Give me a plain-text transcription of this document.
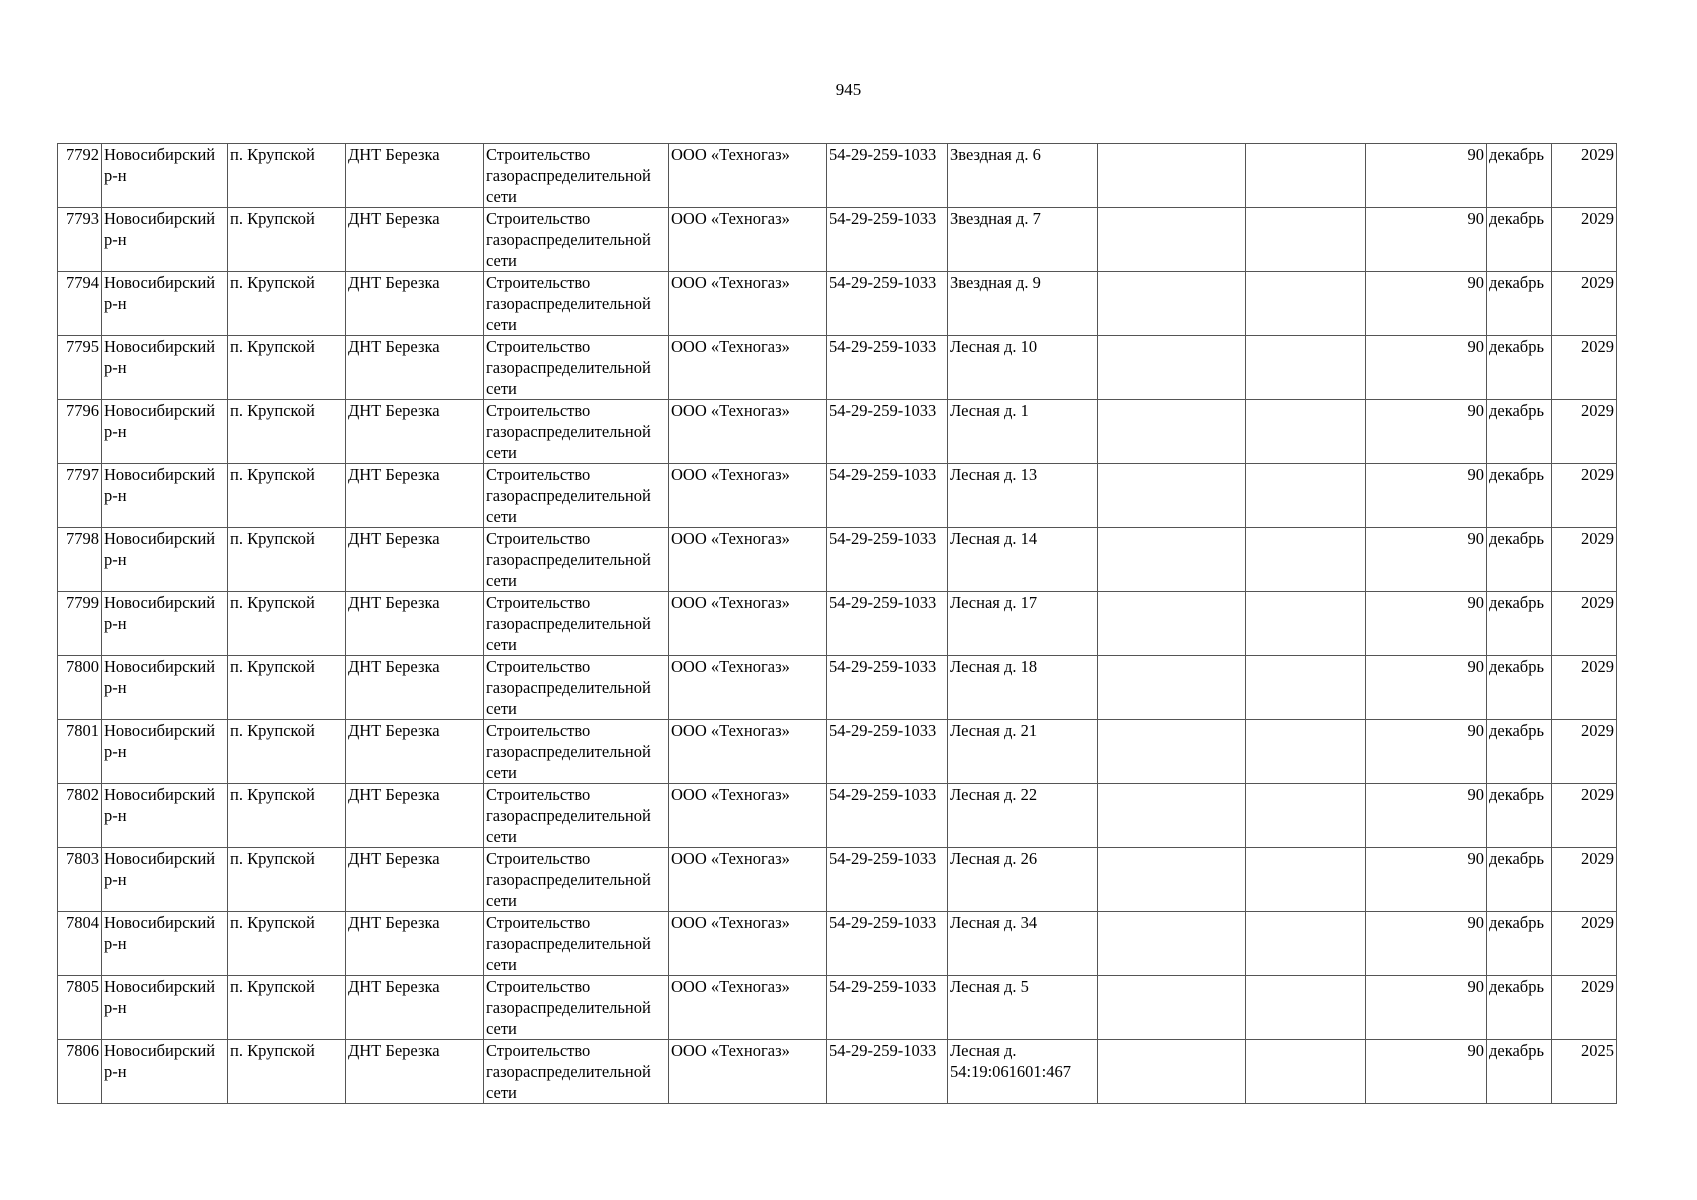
945
7792	Новосибирский р-н	п. Крупской	ДНТ Березка	Строительство газораспределительной сети	ООО «Техногаз»	54-29-259-1033	Звездная д. 6			90	декабрь	2029
7793	Новосибирский р-н	п. Крупской	ДНТ Березка	Строительство газораспределительной сети	ООО «Техногаз»	54-29-259-1033	Звездная д. 7			90	декабрь	2029
7794	Новосибирский р-н	п. Крупской	ДНТ Березка	Строительство газораспределительной сети	ООО «Техногаз»	54-29-259-1033	Звездная д. 9			90	декабрь	2029
7795	Новосибирский р-н	п. Крупской	ДНТ Березка	Строительство газораспределительной сети	ООО «Техногаз»	54-29-259-1033	Лесная д. 10			90	декабрь	2029
7796	Новосибирский р-н	п. Крупской	ДНТ Березка	Строительство газораспределительной сети	ООО «Техногаз»	54-29-259-1033	Лесная д. 1			90	декабрь	2029
7797	Новосибирский р-н	п. Крупской	ДНТ Березка	Строительство газораспределительной сети	ООО «Техногаз»	54-29-259-1033	Лесная д. 13			90	декабрь	2029
7798	Новосибирский р-н	п. Крупской	ДНТ Березка	Строительство газораспределительной сети	ООО «Техногаз»	54-29-259-1033	Лесная д. 14			90	декабрь	2029
7799	Новосибирский р-н	п. Крупской	ДНТ Березка	Строительство газораспределительной сети	ООО «Техногаз»	54-29-259-1033	Лесная д. 17			90	декабрь	2029
7800	Новосибирский р-н	п. Крупской	ДНТ Березка	Строительство газораспределительной сети	ООО «Техногаз»	54-29-259-1033	Лесная д. 18			90	декабрь	2029
7801	Новосибирский р-н	п. Крупской	ДНТ Березка	Строительство газораспределительной сети	ООО «Техногаз»	54-29-259-1033	Лесная д. 21			90	декабрь	2029
7802	Новосибирский р-н	п. Крупской	ДНТ Березка	Строительство газораспределительной сети	ООО «Техногаз»	54-29-259-1033	Лесная д. 22			90	декабрь	2029
7803	Новосибирский р-н	п. Крупской	ДНТ Березка	Строительство газораспределительной сети	ООО «Техногаз»	54-29-259-1033	Лесная д. 26			90	декабрь	2029
7804	Новосибирский р-н	п. Крупской	ДНТ Березка	Строительство газораспределительной сети	ООО «Техногаз»	54-29-259-1033	Лесная д. 34			90	декабрь	2029
7805	Новосибирский р-н	п. Крупской	ДНТ Березка	Строительство газораспределительной сети	ООО «Техногаз»	54-29-259-1033	Лесная д. 5			90	декабрь	2029
7806	Новосибирский р-н	п. Крупской	ДНТ Березка	Строительство газораспределительной сети	ООО «Техногаз»	54-29-259-1033	Лесная д. 54:19:061601:467			90	декабрь	2025
